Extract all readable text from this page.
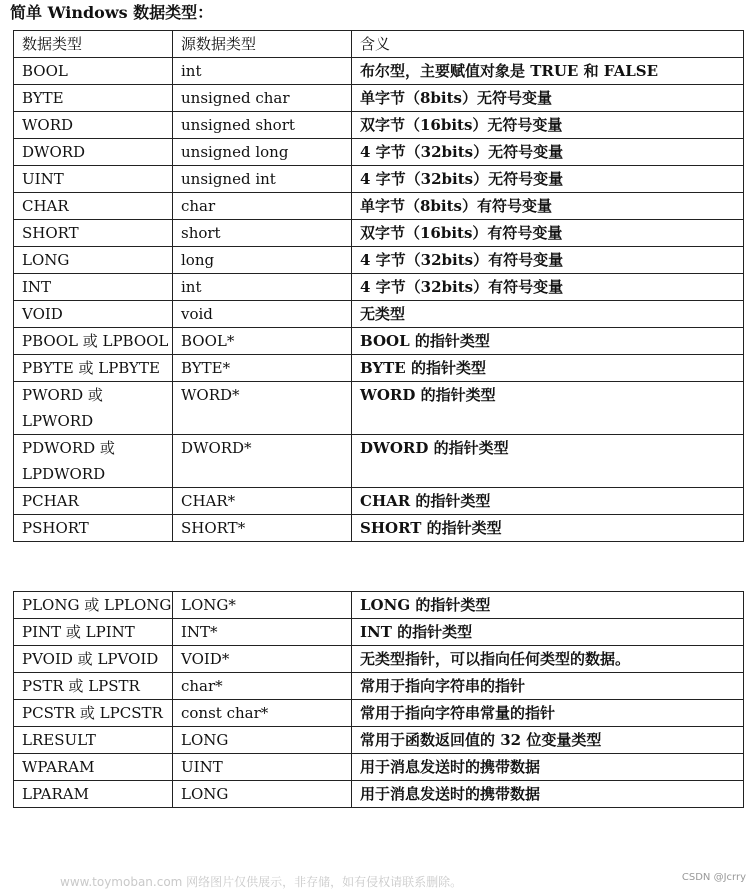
简单 Windows 数据类型：
数据类型	源数据类型	含义
BOOL	int	布尔型，主要赋值对象是 TRUE 和 FALSE
BYTE	unsigned char	单字节（8bits）无符号变量
WORD	unsigned short	双字节（16bits）无符号变量
DWORD	unsigned long	4 字节（32bits）无符号变量
UINT	unsigned int	4 字节（32bits）无符号变量
CHAR	char	单字节（8bits）有符号变量
SHORT	short	双字节（16bits）有符号变量
LONG	long	4 字节（32bits）有符号变量
INT	int	4 字节（32bits）有符号变量
VOID	void	无类型
PBOOL 或 LPBOOL	BOOL*	BOOL 的指针类型
PBYTE 或 LPBYTE	BYTE*	BYTE 的指针类型
PWORD 或 LPWORD	WORD*	WORD 的指针类型
PDWORD 或 LPDWORD	DWORD*	DWORD 的指针类型
PCHAR	CHAR*	CHAR 的指针类型
PSHORT	SHORT*	SHORT 的指针类型
PLONG 或 LPLONG	LONG*	LONG 的指针类型
PINT 或 LPINT	INT*	INT 的指针类型
PVOID 或 LPVOID	VOID*	无类型指针，可以指向任何类型的数据。
PSTR 或 LPSTR	char*	常用于指向字符串的指针
PCSTR 或 LPCSTR	const char*	常用于指向字符串常量的指针
LRESULT	LONG	常用于函数返回值的 32 位变量类型
WPARAM	UINT	用于消息发送时的携带数据
LPARAM	LONG	用于消息发送时的携带数据
www.toymoban.com 网络图片仅供展示，非存储，如有侵权请联系删除。	CSDN @Jcrry
